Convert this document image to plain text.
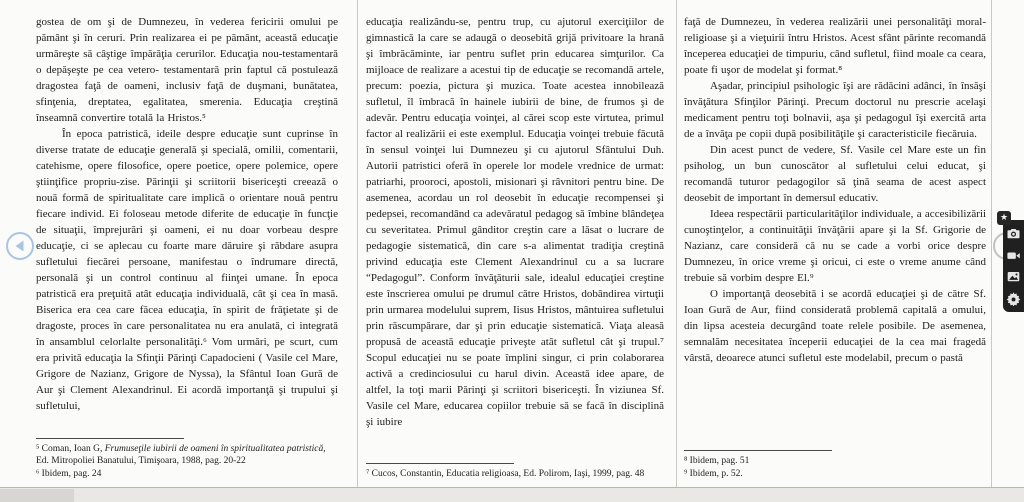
gostea de om şi de Dumnezeu, în vederea fericirii omului pe pământ şi în ceruri. Prin realizarea ei pe pământ, această educaţie urmăreşte să câştige împărăţia cerurilor. Educaţia nou-testamentară o depăşeşte pe cea vetero- testamentară prin faptul că postulează dragostea faţă de oameni, inclusiv faţă de duşmani, bunătatea, sfinţenia, dreptatea, egalitatea, smerenia. Educaţia creştină înseamnă convertire totală la Hristos.⁵

În epoca patristică, ideile despre educaţie sunt cuprinse în diverse tratate de educaţie generală şi specială, omilii, comentarii, catehisme, opere filosofice, opere poetice, opere polemice, opere ştiinţifice propriu-zise. Părinţii şi scriitorii bisericeşti creează o nouă formă de spiritualitate care implică o orientare nouă pentru fiecare individ. Ei foloseau metode diferite de educaţie în funcţie de situaţii, împrejurări şi oameni, ei nu doar vorbeau despre educaţie, ci se aplecau cu foarte mare dăruire şi răbdare asupra sufletului fiecărei persoane, manifestau o îndrumare directă, personală şi un control continuu al fiinţei umane. În epoca patristică era preţuită atât educaţia individuală, cât şi cea în masă. Biserica era cea care făcea educaţia, în spirit de frăţietate şi de dragoste, proces în care personalitatea nu era anulată, ci integrată în ansamblul celorlalte personalităţi.⁶ Vom urmări, pe scurt, cum era privită educaţia la Sfinţii Părinţi Capadocieni ( Vasile cel Mare, Grigore de Nazianz, Grigore de Nyssa), la Sfântul Ioan Gură de Aur şi Clement Alexandrinul. Ei acordă importanţă şi trupului şi sufletului,

⁵ Coman, Ioan G, Frumuseţile iubirii de oameni în spiritualitatea patristică, Ed. Mitropoliei Banatului, Timişoara, 1988, pag. 20-22
⁶ Ibidem, pag. 24

educaţia realizându-se, pentru trup, cu ajutorul exerciţiilor de gimnastică la care se adaugă o deosebită grijă privitoare la hrană şi îmbrăcăminte, iar pentru suflet prin educarea simţurilor. Ca mijloace de realizare a acestui tip de educaţie se recomandă artele, precum: poezia, pictura şi muzica. Toate acestea innobilează sufletul, îl îmbracă în hainele iubirii de bine, de frumos şi de adevăr. Pentru educaţia voinţei, al cărei scop este virtutea, primul factor al realizării ei este exemplul. Educaţia voinţei trebuie făcută în sensul voinţei lui Dumnezeu şi cu ajutorul Sfântului Duh. Autorii patristici oferă în operele lor modele vrednice de urmat: patriarhi, prooroci, apostoli, misionari şi râvnitori pentru bine. De asemenea, acordau un rol deosebit în educaţie recompensei şi pedepsei, recomandând ca adevăratul pedagog să îmbine blândeţea cu severitatea. Primul gânditor creştin care a lăsat o lucrare de pedagogie sistematică, din care s-a alimentat tradiţia creştină privind educaţia este Clement Alexandrinul cu a sa lucrare “Pedagogul”. Conform învăţăturii sale, idealul educaţiei creştine este înscrierea omului pe drumul către Hristos, dobândirea virtuţii prin urmarea modelului suprem, Iisus Hristos, mântuirea sufletului prin răscumpărare, dar şi prin educaţie sistematică. Viaţa aleasă propusă de această educaţie priveşte atât sufletul cât şi trupul.⁷ Scopul educaţiei nu se poate împlini singur, ci prin colaborarea activă a credinciosului cu harul divin. Această idee apare, de altfel, la toţi marii Părinţi şi scriitori bisericeşti. În viziunea Sf. Vasile cel Mare, educarea copiilor trebuie să se facă în disciplină şi iubire

⁷ Cucos, Constantin, Educatia religioasa, Ed. Polirom, Iaşi, 1999, pag. 48

faţă de Dumnezeu, în vederea realizării unei personalităţi moral-religioase şi a vieţuirii întru Hristos. Acest sfânt părinte recomandă începerea educaţiei de timpuriu, când sufletul, fiind moale ca ceara, poate fi uşor de modelat şi format.⁸

Aşadar, principiul psihologic îşi are rădăcini adânci, în însăşi învăţătura Sfinţilor Părinţi. Precum doctorul nu prescrie acelaşi medicament pentru toţi bolnavii, aşa şi pedagogul îşi exercită arta de a învăţa pe copii după posibilităţile şi caracteristicile fiecăruia.

Din acest punct de vedere, Sf. Vasile cel Mare este un fin psiholog, un bun cunoscător al sufletului celui educat, şi recomandă tuturor pedagogilor să ţină seama de acest aspect deosebit de important în demersul educativ.

Ideea respectării particularităţilor individuale, a accesibilizării cunoştinţelor, a continuităţii învăţării apare şi la Sf. Grigorie de Nazianz, care consideră că nu se cade a vorbi orice despre Dumnezeu, în orice vreme şi oricui, ci este o vreme anume când trebuie să vorbim despre El.⁹

O importanţă deosebită i se acordă educaţiei şi de către Sf. Ioan Gură de Aur, fiind considerată problemă capitală a omului, din lipsa acesteia decurgând toate relele posibile. De asemenea, semnalăm necesitatea începerii educaţiei de la cea mai fragedă vârstă, deoarece atunci sufletul este modelabil, precum o pastă

⁸ Ibidem, pag. 51
⁹ Ibidem, p. 52.
★
